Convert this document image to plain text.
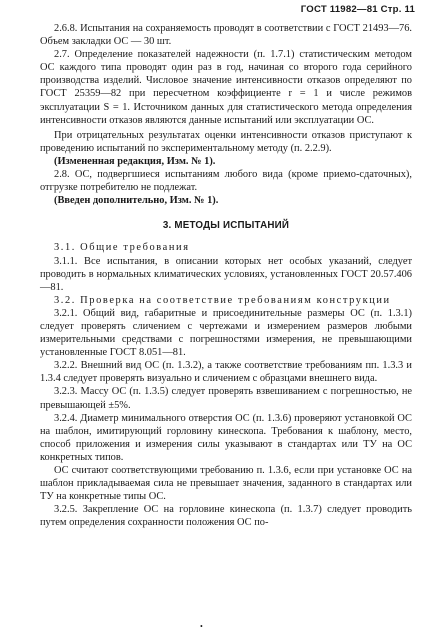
ГОСТ 11982—81 Стр. 11

2.6.8. Испытания на сохраняемость проводят в соответствии с ГОСТ 21493—76. Объем закладки ОС — 30 шт.

2.7. Определение показателей надежности (п. 1.7.1) статистическим методом ОС каждого типа проводят один раз в год, начиная со второго года серийного производства изделий. Числовое значение интенсивности отказов определяют по ГОСТ 25359—82 при пересчетном коэффициенте r = 1 и числе режимов эксплуатации S = 1. Источником данных для статистического метода определения интенсивности отказов являются данные испытаний или эксплуатации ОС.

При отрицательных результатах оценки интенсивности отказов приступают к проведению испытаний по экспериментальному методу (п. 2.2.9).

(Измененная редакция, Изм. № 1).

2.8. ОС, подвергшиеся испытаниям любого вида (кроме приемо-сдаточных), отгрузке потребителю не подлежат.

(Введен дополнительно, Изм. № 1).

3. МЕТОДЫ ИСПЫТАНИЙ

3.1. Общие требования

3.1.1. Все испытания, в описании которых нет особых указаний, следует проводить в нормальных климатических условиях, установленных ГОСТ 20.57.406—81.

3.2. Проверка на соответствие требованиям конструкции

3.2.1. Общий вид, габаритные и присоединительные размеры ОС (п. 1.3.1) следует проверять сличением с чертежами и измерением размеров любыми измерительными средствами с погрешностями измерения, не превышающими установленные ГОСТ 8.051—81.

3.2.2. Внешний вид ОС (п. 1.3.2), а также соответствие требованиям пп. 1.3.3 и 1.3.4 следует проверять визуально и сличением с образцами внешнего вида.

3.2.3. Массу ОС (п. 1.3.5) следует проверять взвешиванием с погрешностью, не превышающей ±5%.

3.2.4. Диаметр минимального отверстия ОС (п. 1.3.6) проверяют установкой ОС на шаблон, имитирующий горловину кинескопа. Требования к шаблону, место, способ приложения и измерения силы указывают в стандартах или ТУ на ОС конкретных типов.

ОС считают соответствующими требованию п. 1.3.6, если при установке ОС на шаблон прикладываемая сила не превышает значения, заданного в стандартах или ТУ на конкретные типы ОС.

3.2.5. Закрепление ОС на горловине кинескопа (п. 1.3.7) следует проводить путем определения сохранности положения ОС по-

•
